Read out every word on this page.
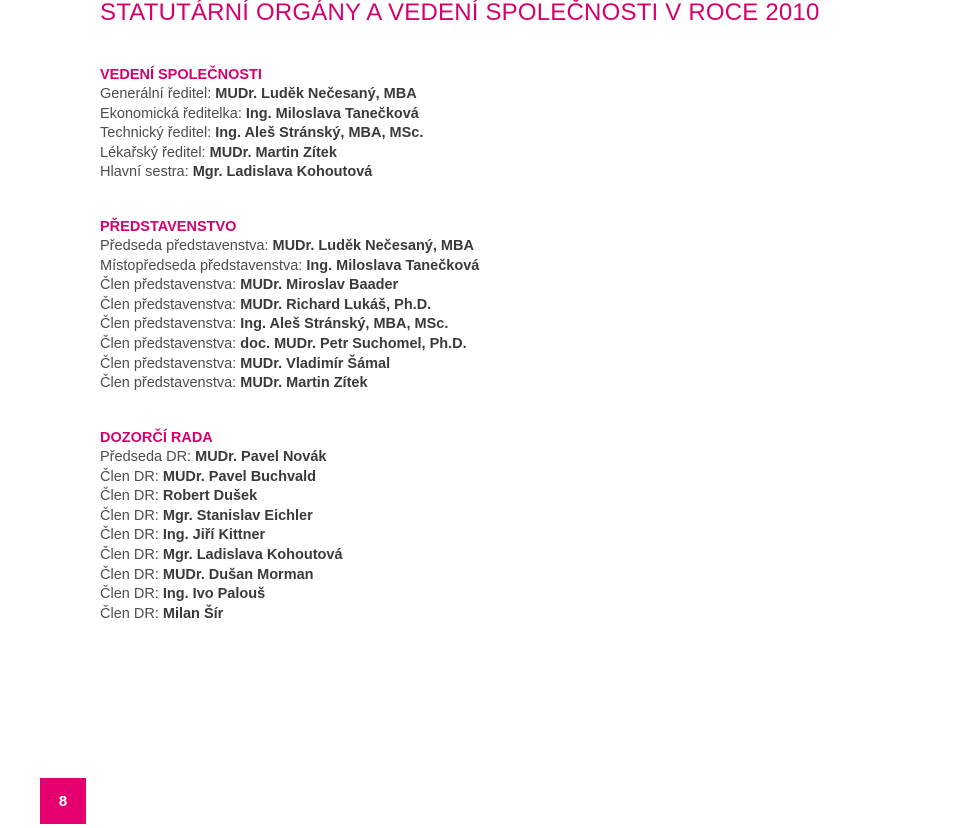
STATUTÁRNÍ ORGÁNY A VEDENÍ SPOLEČNOSTI V ROCE 2010
VEDENÍ SPOLEČNOSTI
Generální ředitel: MUDr. Luděk Nečesaný, MBA
Ekonomická ředitelka: Ing. Miloslava Tanečková
Technický ředitel: Ing. Aleš Stránský, MBA, MSc.
Lékařský ředitel: MUDr. Martin Zítek
Hlavní sestra: Mgr. Ladislava Kohoutová
PŘEDSTAVENSTVO
Předseda představenstva: MUDr. Luděk Nečesaný, MBA
Místopředseda představenstva: Ing. Miloslava Tanečková
Člen představenstva: MUDr. Miroslav Baader
Člen představenstva: MUDr. Richard Lukáš, Ph.D.
Člen představenstva: Ing. Aleš Stránský, MBA, MSc.
Člen představenstva: doc. MUDr. Petr Suchomel, Ph.D.
Člen představenstva: MUDr. Vladimír Šámal
Člen představenstva: MUDr. Martin Zítek
DOZORČÍ RADA
Předseda DR: MUDr. Pavel Novák
Člen DR: MUDr. Pavel Buchvald
Člen DR: Robert Dušek
Člen DR: Mgr. Stanislav Eichler
Člen DR: Ing. Jiří Kittner
Člen DR: Mgr. Ladislava Kohoutová
Člen DR: MUDr. Dušan Morman
Člen DR: Ing. Ivo Palouš
Člen DR: Milan Šír
8
